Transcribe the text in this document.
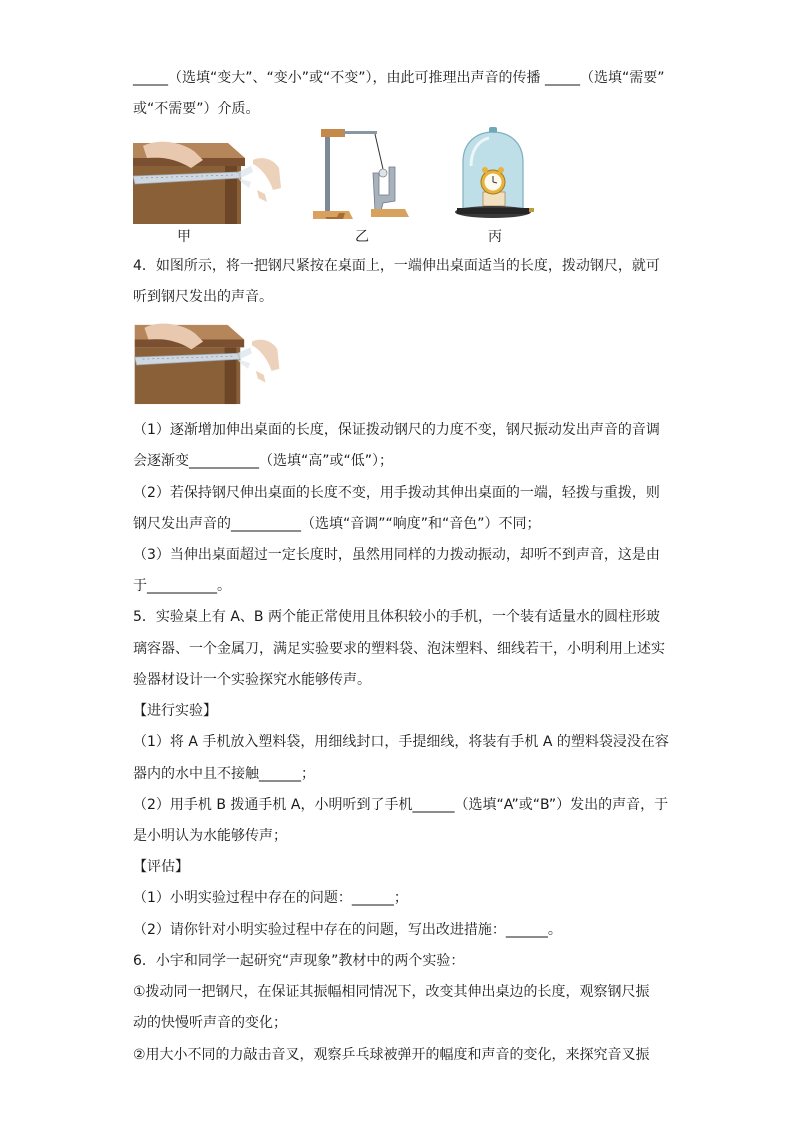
_____（选填“变大”、“变小”或“不变”），由此可推理出声音的传播 _____（选填“需要”
或“不需要”）介质。
甲	乙	丙
4．如图所示，将一把钢尺紧按在桌面上，一端伸出桌面适当的长度，拨动钢尺，就可
听到钢尺发出的声音。
（1）逐渐增加伸出桌面的长度，保证拨动钢尺的力度不变，钢尺振动发出声音的音调
会逐渐变__________（选填“高”或“低”）；
（2）若保持钢尺伸出桌面的长度不变，用手拨动其伸出桌面的一端，轻拨与重拨，则
钢尺发出声音的__________（选填“音调”“响度”和“音色”）不同；
（3）当伸出桌面超过一定长度时，虽然用同样的力拨动振动，却听不到声音，这是由
于__________。
5．实验桌上有 A、B 两个能正常使用且体积较小的手机，一个装有适量水的圆柱形玻
璃容器、一个金属刀，满足实验要求的塑料袋、泡沫塑料、细线若干，小明利用上述实
验器材设计一个实验探究水能够传声。
【进行实验】
（1）将 A 手机放入塑料袋，用细线封口，手提细线，将装有手机 A 的塑料袋浸没在容
器内的水中且不接触______；
（2）用手机 B 拨通手机 A，小明听到了手机______（选填“A”或“B”）发出的声音，于
是小明认为水能够传声；
【评估】
（1）小明实验过程中存在的问题：______；
（2）请你针对小明实验过程中存在的问题，写出改进措施：______。
6．小宇和同学一起研究“声现象”教材中的两个实验：
①拨动同一把钢尺，在保证其振幅相同情况下，改变其伸出桌边的长度，观察钢尺振
动的快慢听声音的变化；
②用大小不同的力敲击音叉，观察乒乓球被弹开的幅度和声音的变化，来探究音叉振
